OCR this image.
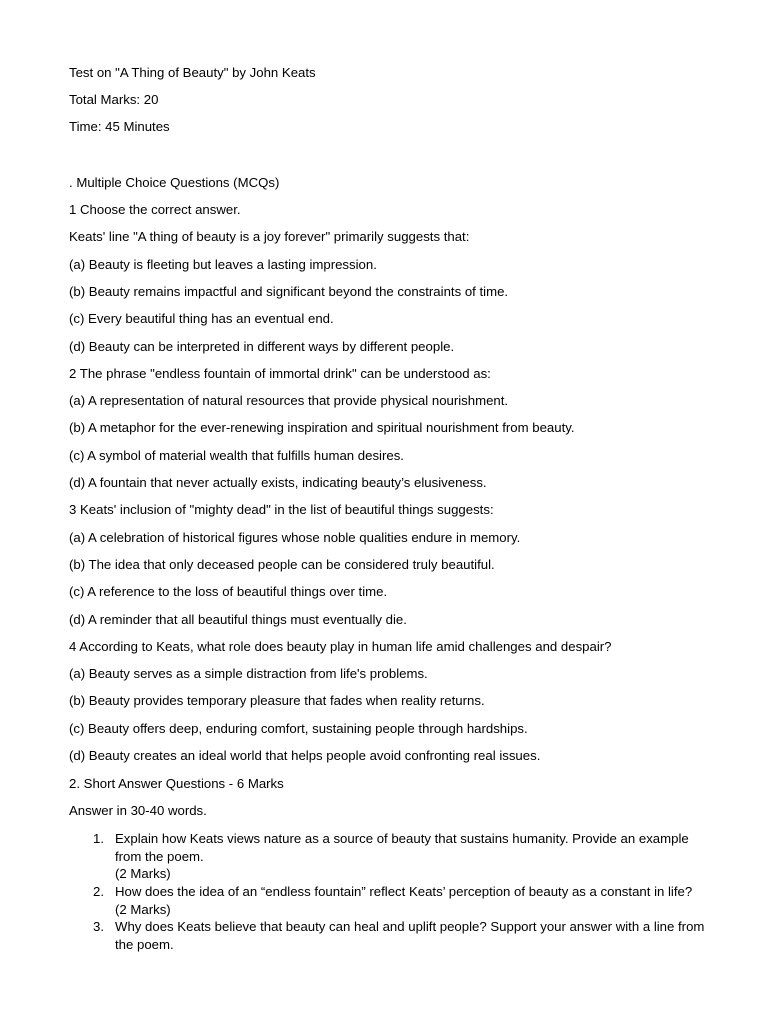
Test on "A Thing of Beauty" by John Keats
Total Marks: 20
Time: 45 Minutes
. Multiple Choice Questions (MCQs)
1 Choose the correct answer.
Keats' line "A thing of beauty is a joy forever" primarily suggests that:
(a) Beauty is fleeting but leaves a lasting impression.
(b) Beauty remains impactful and significant beyond the constraints of time.
(c) Every beautiful thing has an eventual end.
(d) Beauty can be interpreted in different ways by different people.
2 The phrase "endless fountain of immortal drink" can be understood as:
(a) A representation of natural resources that provide physical nourishment.
(b) A metaphor for the ever-renewing inspiration and spiritual nourishment from beauty.
(c) A symbol of material wealth that fulfills human desires.
(d) A fountain that never actually exists, indicating beauty’s elusiveness.
3 Keats' inclusion of "mighty dead" in the list of beautiful things suggests:
(a) A celebration of historical figures whose noble qualities endure in memory.
(b) The idea that only deceased people can be considered truly beautiful.
(c) A reference to the loss of beautiful things over time.
(d) A reminder that all beautiful things must eventually die.
4 According to Keats, what role does beauty play in human life amid challenges and despair?
(a) Beauty serves as a simple distraction from life's problems.
(b) Beauty provides temporary pleasure that fades when reality returns.
(c) Beauty offers deep, enduring comfort, sustaining people through hardships.
(d) Beauty creates an ideal world that helps people avoid confronting real issues.
2. Short Answer Questions - 6 Marks
Answer in 30-40 words.
1. Explain how Keats views nature as a source of beauty that sustains humanity. Provide an example from the poem.
(2 Marks)
2. How does the idea of an “endless fountain” reflect Keats’ perception of beauty as a constant in life?
(2 Marks)
3. Why does Keats believe that beauty can heal and uplift people? Support your answer with a line from the poem.
